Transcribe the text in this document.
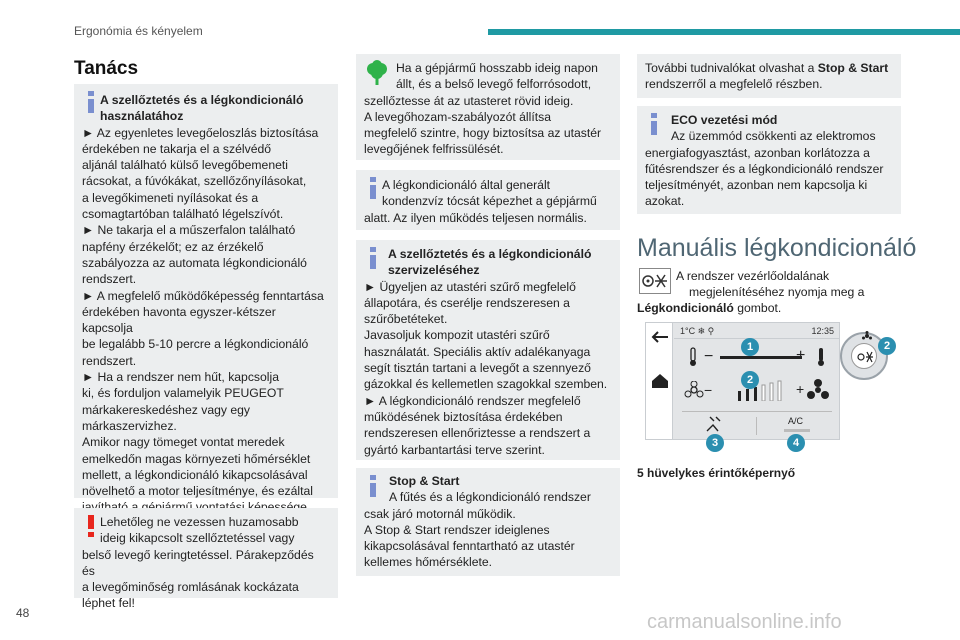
Ergonómia és kényelem
Tanács

A szellőztetés és a légkondicionáló

használatához

► Az egyenletes levegőeloszlás biztosítása

érdekében ne takarja el a szélvédő

aljánál található külső levegőbemeneti

rácsokat, a fúvókákat, szellőzőnyílásokat,

a levegőkimeneti nyílásokat és a

csomagtartóban található légelszívót.

► Ne takarja el a műszerfalon található

napfény érzékelőt; ez az érzékelő

szabályozza az automata légkondicionáló

rendszert.

► A megfelelő működőképesség fenntartása

érdekében havonta egyszer-kétszer kapcsolja

be legalább 5-10 percre a légkondicionáló

rendszert.

► Ha a rendszer nem hűt, kapcsolja

ki, és forduljon valamelyik PEUGEOT

márkakereskedéshez vagy egy

márkaszervizhez.

Amikor nagy tömeget vontat meredek

emelkedőn magas környezeti hőmérséklet

mellett, a légkondicionáló kikapcsolásával

növelhető a motor teljesítménye, és ezáltal

Lehetőleg ne vezessen huzamosabb

ideig kikapcsolt szellőztetéssel vagy

belső levegő keringtetéssel. Párakepződés és

a levegőminőség romlásának kockázata

léphet fel!

Ha a gépjármű hosszabb ideig napon

állt, és a belső levegő felforrósodott,

szellőztesse át az utasteret rövid ideig.

A levegőhozam-szabályozót állítsa

megfelelő szintre, hogy biztosítsa az utastér

levegőjének felfrissülését.

A légkondicionáló által generált

kondenzvíz tócsát képezhet a gépjármű

alatt. Az ilyen működés teljesen normális.

A szellőztetés és a légkondicionáló

szervizeléséhez

► Ügyeljen az utastéri szűrő megfelelő

állapotára, és cserélje rendszeresen a

szűrőbetéteket.

Javasoljuk kompozit utastéri szűrő

használatát. Speciális aktív adalékanyaga

segít tisztán tartani a levegőt a szennyező

gázokkal és kellemetlen szagokkal szemben.

► A légkondicionáló rendszer megfelelő

működésének biztosítása érdekében

rendszeresen ellenőriztesse a rendszert a

gyártó karbantartási terve szerint.

Stop & Start

A fűtés és a légkondicionáló rendszer

csak járó motornál működik.

A Stop & Start rendszer ideiglenes

kikapcsolásával fenntartható az utastér

kellemes hőmérséklete.

További tudnivalókat olvashat a Stop & Start

rendszerről a megfelelő részben.

ECO vezetési mód

Az üzemmód csökkenti az elektromos

energiafogyasztást, azonban korlátozza a

fűtésrendszer és a légkondicionáló rendszer

teljesítményét, azonban nem kapcsolja ki

azokat.

Manuális légkondicionáló
A rendszer vezérlőoldalának
megjelenítéséhez nyomja meg a
Légkondicionáló gombot.
1°C ❄ ⚲	12:35
−	+
−	+
A/C
1
2
3	4
2
5 hüvelykes érintőképernyő
48	carmanualsonline.info
